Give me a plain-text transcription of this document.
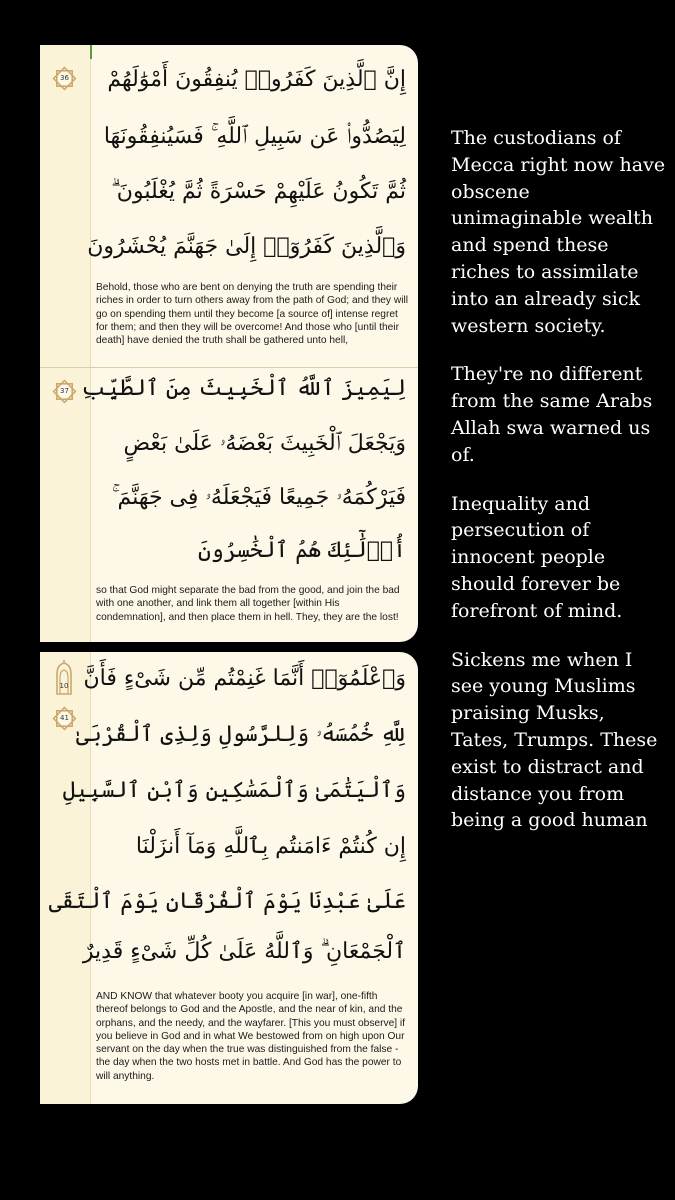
36	إِنَّ ٱلَّذِينَ كَفَرُوا۟ يُنفِقُونَ أَمْوَٰلَهُمْ
لِيَصُدُّوا۟ عَن سَبِيلِ ٱللَّهِ ۚ فَسَيُنفِقُونَهَا
ثُمَّ تَكُونُ عَلَيْهِمْ حَسْرَةً ثُمَّ يُغْلَبُونَ ۗ
وَٱلَّذِينَ كَفَرُوٓا۟ إِلَىٰ جَهَنَّمَ يُحْشَرُونَ
Behold, those who are bent on denying the truth are spending their riches in order to turn others away from the path of God; and they will go on spending them until they become [a source of] intense regret for them; and then they will be overcome! And those who [until their death] have denied the truth shall be gathered unto hell,
37 لِيَمِيزَ ٱللَّهُ ٱلْخَبِيثَ مِنَ ٱلطَّيِّبِ
وَيَجْعَلَ ٱلْخَبِيثَ بَعْضَهُۥ عَلَىٰ بَعْضٍ
فَيَرْكُمَهُۥ جَمِيعًا فَيَجْعَلَهُۥ فِى جَهَنَّمَ ۚ
أُو۟لَٰٓئِكَ هُمُ ٱلْخَٰسِرُونَ
so that God might separate the bad from the good, and join the bad with one another, and link them all together [within His condemnation], and then place them in hell. They, they are the lost!
10
41
وَٱعْلَمُوٓا۟ أَنَّمَا غَنِمْتُم مِّن شَىْءٍ فَأَنَّ
لِلَّهِ خُمُسَهُۥ وَلِلرَّسُولِ وَلِذِى ٱلْقُرْبَىٰ
وَٱلْيَتَٰمَىٰ وَٱلْمَسَٰكِينِ وَٱبْنِ ٱلسَّبِيلِ
إِن كُنتُمْ ءَامَنتُم بِٱللَّهِ وَمَآ أَنزَلْنَا
عَلَىٰ عَبْدِنَا يَوْمَ ٱلْفُرْقَانِ يَوْمَ ٱلْتَقَى
ٱلْجَمْعَانِ ۗ وَٱللَّهُ عَلَىٰ كُلِّ شَىْءٍ قَدِيرٌ
AND KNOW that whatever booty you acquire [in war], one-fifth thereof belongs to God and the Apostle, and the near of kin, and the orphans, and the needy, and the wayfarer. [This you must observe] if you believe in God and in what We bestowed from on high upon Our servant on the day when the true was distinguished from the false - the day when the two hosts met in battle. And God has the power to will anything.

The custodians of Mecca right now have obscene unimaginable wealth and spend these riches to assimilate into an already sick western society.

They're no different from the same Arabs Allah swa warned us of.

Inequality and persecution of innocent people should forever be forefront of mind.

Sickens me when I see young Muslims praising Musks, Tates, Trumps. These exist to distract and distance you from being a good human
